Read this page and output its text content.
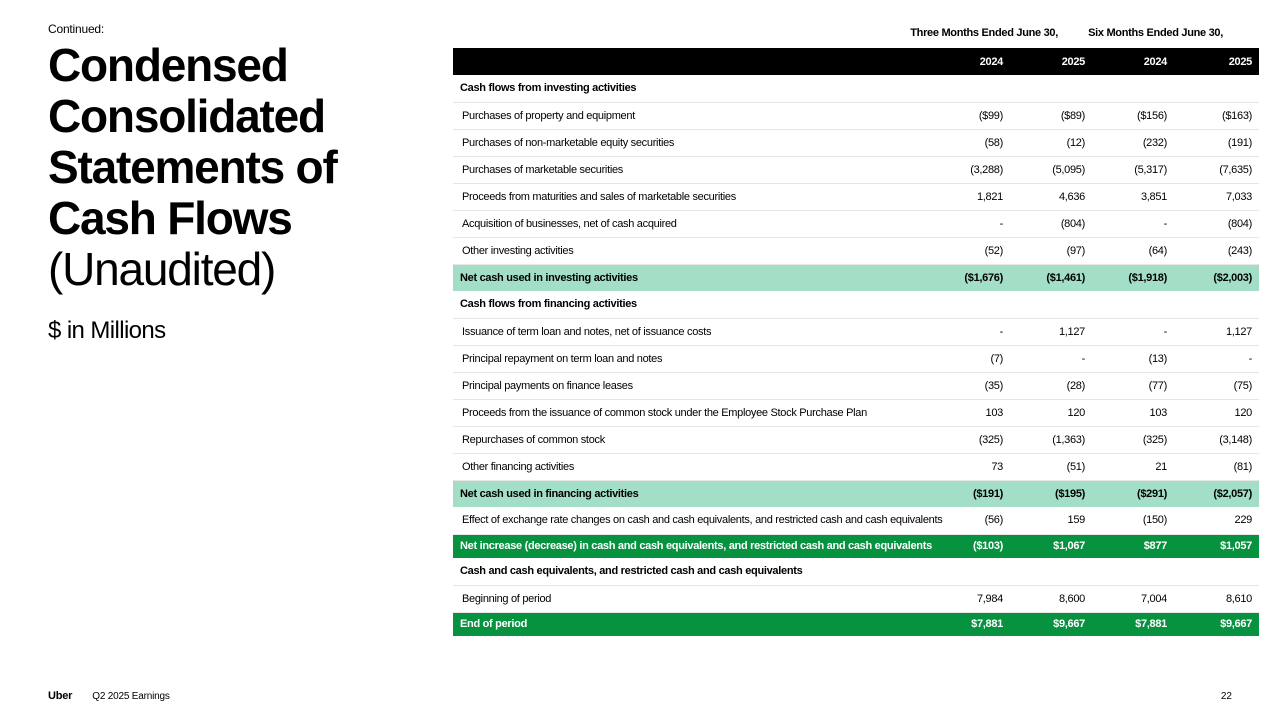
Continued:
Condensed
Consolidated
Statements of
Cash Flows
(Unaudited)
$ in Millions
Three Months Ended June 30,	Six Months Ended June 30,
	2024	2025	2024	2025
Cash flows from investing activities				
Purchases of property and equipment	($99)	($89)	($156)	($163)
Purchases of non-marketable equity securities	(58)	(12)	(232)	(191)
Purchases of marketable securities	(3,288)	(5,095)	(5,317)	(7,635)
Proceeds from maturities and sales of marketable securities	1,821	4,636	3,851	7,033
Acquisition of businesses, net of cash acquired	-	(804)	-	(804)
Other investing activities	(52)	(97)	(64)	(243)
Net cash used in investing activities	($1,676)	($1,461)	($1,918)	($2,003)
Cash flows from financing activities				
Issuance of term loan and notes, net of issuance costs	-	1,127	-	1,127
Principal repayment on term loan and notes	(7)	-	(13)	-
Principal payments on finance leases	(35)	(28)	(77)	(75)
Proceeds from the issuance of common stock under the Employee Stock Purchase Plan	103	120	103	120
Repurchases of common stock	(325)	(1,363)	(325)	(3,148)
Other financing activities	73	(51)	21	(81)
Net cash used in financing activities	($191)	($195)	($291)	($2,057)
Effect of exchange rate changes on cash and cash equivalents, and restricted cash and cash equivalents	(56)	159	(150)	229
Net increase (decrease) in cash and cash equivalents, and restricted cash and cash equivalents	($103)	$1,067	$877	$1,057
Cash and cash equivalents, and restricted cash and cash equivalents				
Beginning of period	7,984	8,600	7,004	8,610
End of period	$7,881	$9,667	$7,881	$9,667
Uber Q2 2025 Earnings	22
